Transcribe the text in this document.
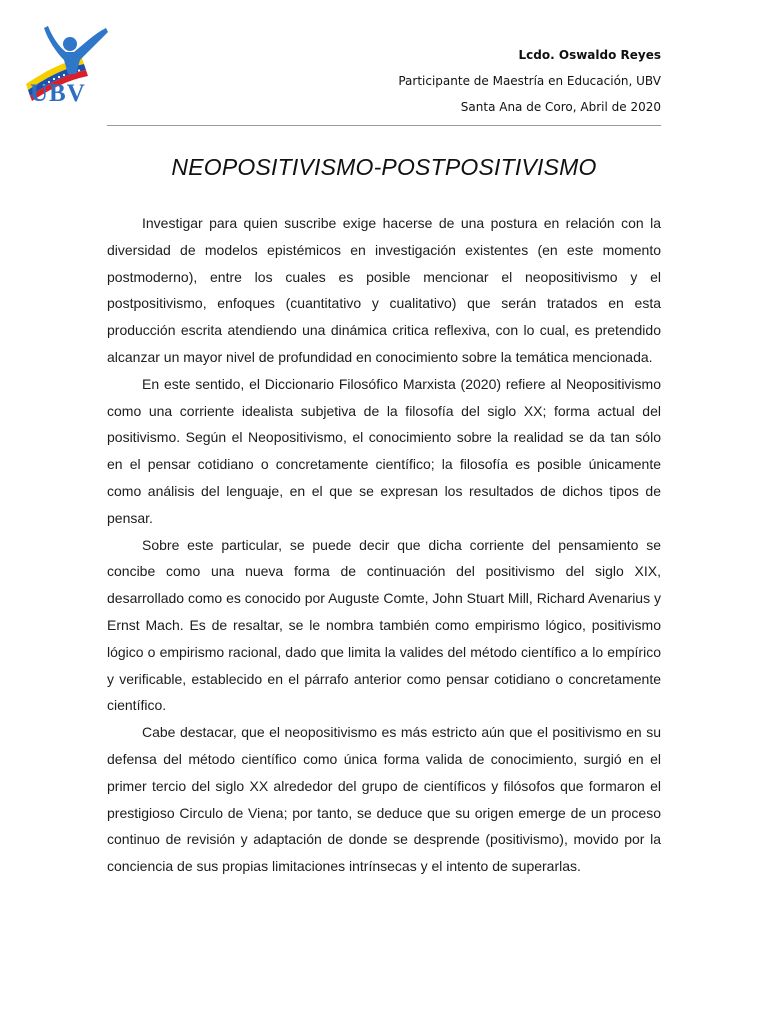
UBV
Lcdo. Oswaldo Reyes
Participante de Maestría en Educación, UBV
Santa Ana de Coro, Abril de 2020
NEOPOSITIVISMO-POSTPOSITIVISMO

Investigar para quien suscribe exige hacerse de una postura en relación con la diversidad de modelos epistémicos en investigación existentes (en este momento postmoderno), entre los cuales es posible mencionar el neopositivismo y el postpositivismo, enfoques (cuantitativo y cualitativo) que serán tratados en esta producción escrita atendiendo una dinámica critica reflexiva, con lo cual, es pretendido alcanzar un mayor nivel de profundidad en conocimiento sobre la temática mencionada.

En este sentido, el Diccionario Filosófico Marxista (2020) refiere al Neopositivismo como una corriente idealista subjetiva de la filosofía del siglo XX; forma actual del positivismo. Según el Neopositivismo, el conocimiento sobre la realidad se da tan sólo en el pensar cotidiano o concretamente científico; la filosofía es posible únicamente como análisis del lenguaje, en el que se expresan los resultados de dichos tipos de pensar.

Sobre este particular, se puede decir que dicha corriente del pensamiento se concibe como una nueva forma de continuación del positivismo del siglo XIX, desarrollado como es conocido por Auguste Comte, John Stuart Mill, Richard Avenarius y Ernst Mach. Es de resaltar, se le nombra también como empirismo lógico, positivismo lógico o empirismo racional, dado que limita la valides del método científico a lo empírico y verificable, establecido en el párrafo anterior como pensar cotidiano o concretamente científico.

Cabe destacar, que el neopositivismo es más estricto aún que el positivismo en su defensa del método científico como única forma valida de conocimiento, surgió en el primer tercio del siglo XX alrededor del grupo de científicos y filósofos que formaron el prestigioso Circulo de Viena; por tanto, se deduce que su origen emerge de un proceso continuo de revisión y adaptación de donde se desprende (positivismo), movido por la conciencia de sus propias limitaciones intrínsecas y el intento de superarlas.
